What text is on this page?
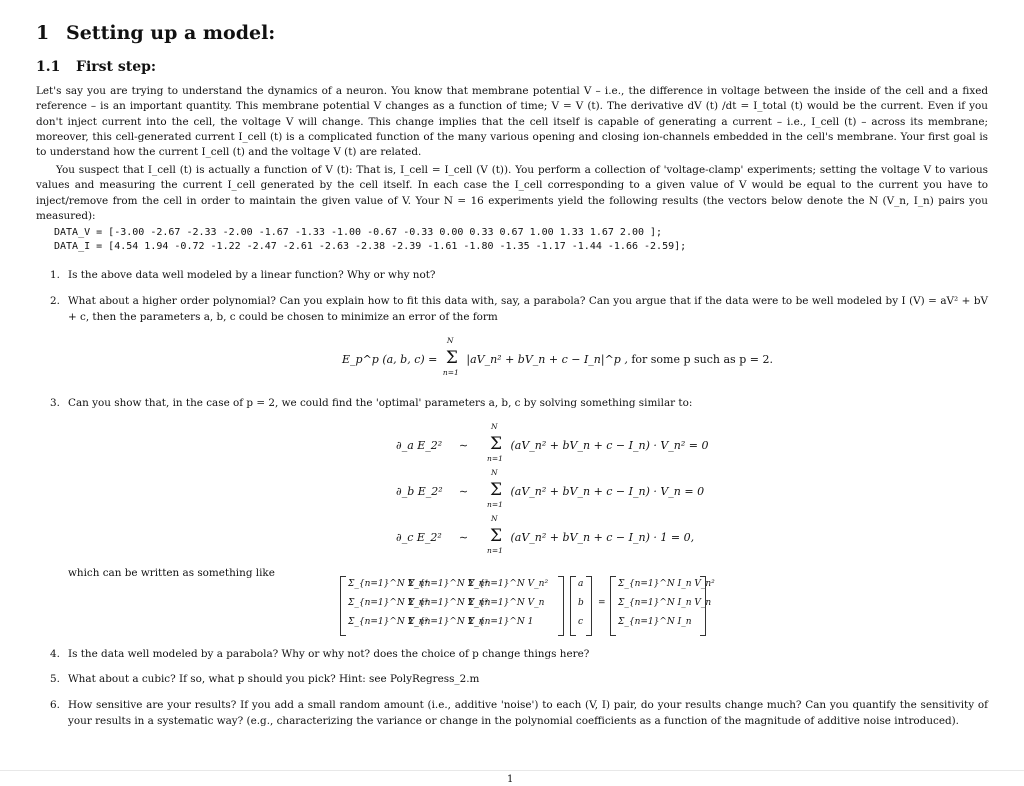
1 Setting up a model:
1.1 First step:

Let's say you are trying to understand the dynamics of a neuron. You know that membrane potential V – i.e., the difference in voltage between the inside of the cell and a fixed reference – is an important quantity. This membrane potential V changes as a function of time; V = V (t). The derivative dV (t) /dt = I_total (t) would be the current. Even if you don't inject current into the cell, the voltage V will change. This change implies that the cell itself is capable of generating a current – i.e., I_cell (t) – across its membrane; moreover, this cell-generated current I_cell (t) is a complicated function of the many various opening and closing ion-channels embedded in the cell's membrane. Your first goal is to understand how the current I_cell (t) and the voltage V (t) are related.

You suspect that I_cell (t) is actually a function of V (t): That is, I_cell = I_cell (V (t)). You perform a collection of 'voltage-clamp' experiments; setting the voltage V to various values and measuring the current I_cell generated by the cell itself. In each case the I_cell corresponding to a given value of V would be equal to the current you have to inject/remove from the cell in order to maintain the given value of V. Your N = 16 experiments yield the following results (the vectors below denote the N (V_n, I_n) pairs you measured):

DATA_V = [-3.00 -2.67 -2.33 -2.00 -1.67 -1.33 -1.00 -0.67 -0.33 0.00 0.33 0.67 1.00 1.33 1.67 2.00 ];
DATA_I = [4.54 1.94 -0.72 -1.22 -2.47 -2.61 -2.63 -2.38 -2.39 -1.61 -1.80 -1.35 -1.17 -1.44 -1.66 -2.59];
1. Is the above data well modeled by a linear function? Why or why not?
2. What about a higher order polynomial? Can you explain how to fit this data with, say, a parabola? Can you argue that if the data were to be well modeled by I (V) = aV² + bV + c, then the parameters a, b, c could be chosen to minimize an error of the form
E_p^p (a, b, c) =
N
Σ
n=1
|aV_n² + bV_n + c − I_n|^p , for some p such as p = 2.
3. Can you show that, in the case of p = 2, we could find the 'optimal' parameters a, b, c by solving something similar to:
∂_a E_2² ∼
N
Σ
n=1
(aV_n² + bV_n + c − I_n) · V_n² = 0
∂_b E_2² ∼
N
Σ
n=1
(aV_n² + bV_n + c − I_n) · V_n = 0
∂_c E_2² ∼
N
Σ
n=1
(aV_n² + bV_n + c − I_n) · 1 = 0,
which can be written as something like
Σ_{n=1}^N V_n⁴
Σ_{n=1}^N V_n³
Σ_{n=1}^N V_n²
Σ_{n=1}^N V_n³
Σ_{n=1}^N V_n²
Σ_{n=1}^N V_n
Σ_{n=1}^N V_n²
Σ_{n=1}^N V_n
Σ_{n=1}^N 1
a
b
c
=
Σ_{n=1}^N I_n V_n²
Σ_{n=1}^N I_n V_n
Σ_{n=1}^N I_n
4. Is the data well modeled by a parabola? Why or why not? does the choice of p change things here?
5. What about a cubic? If so, what p should you pick? Hint: see PolyRegress_2.m
6. How sensitive are your results? If you add a small random amount (i.e., additive 'noise') to each (V, I) pair, do your results change much? Can you quantify the sensitivity of your results in a systematic way? (e.g., characterizing the variance or change in the polynomial coefficients as a function of the magnitude of additive noise introduced).
1
